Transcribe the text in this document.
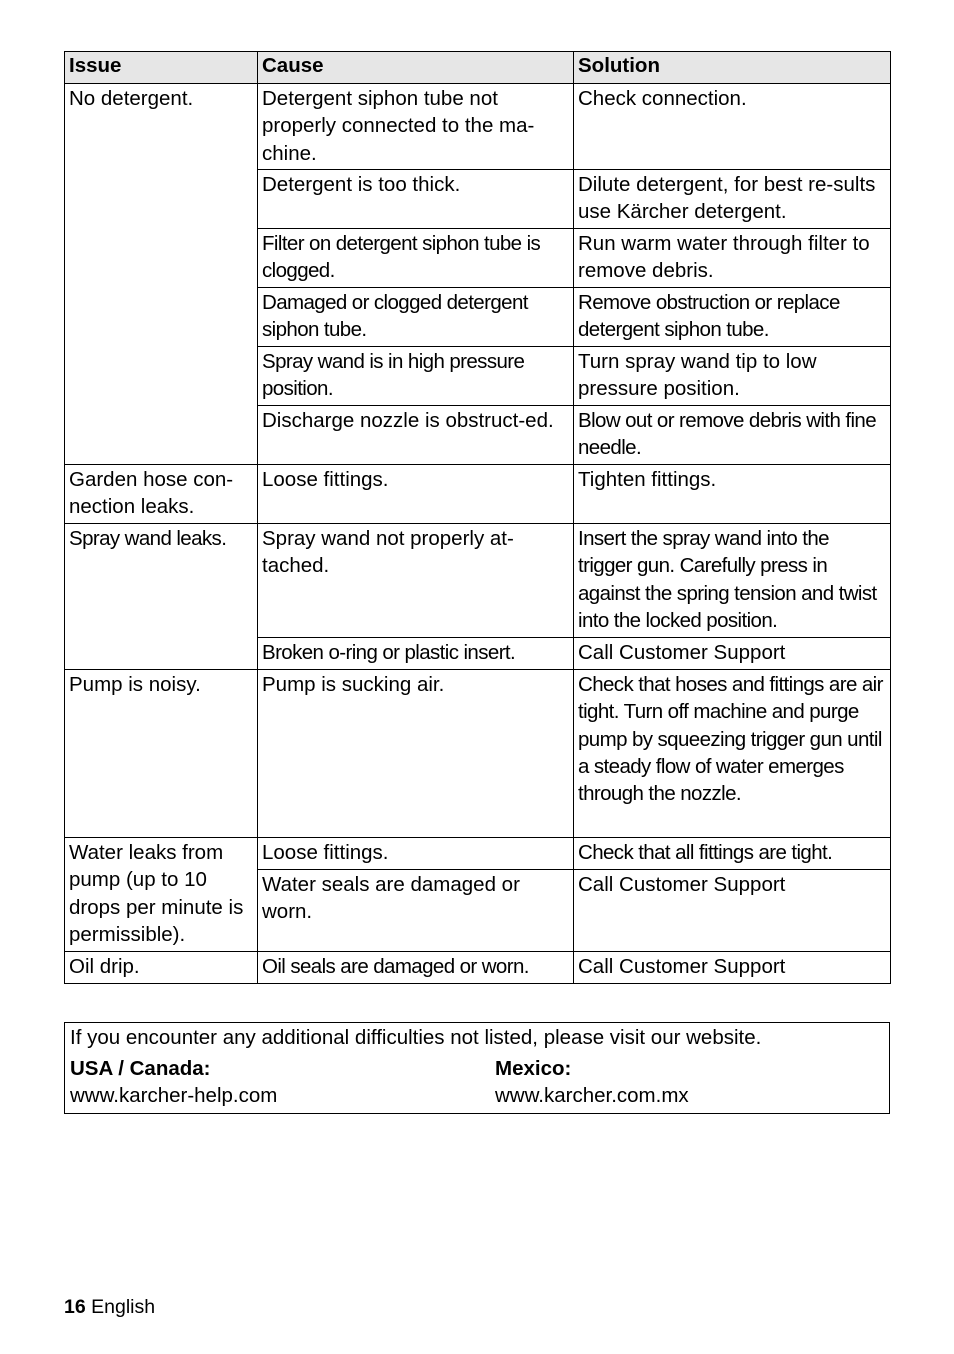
Issue	Cause	Solution
No detergent.	Detergent siphon tube not properly connected to the ma-chine.	Check connection.
	Detergent is too thick.	Dilute detergent, for best re-sults use Kärcher detergent.
	Filter on detergent siphon tube is clogged.	Run warm water through filter to remove debris.
	Damaged or clogged detergent siphon tube.	Remove obstruction or replace detergent siphon tube.
	Spray wand is in high pressure position.	Turn spray wand tip to low pressure position.
	Discharge nozzle is obstruct-ed.	Blow out or remove debris with fine needle.
Garden hose con-nection leaks.	Loose fittings.	Tighten fittings.
Spray wand leaks.	Spray wand not properly at-tached.	Insert the spray wand into the trigger gun. Carefully press in against the spring tension and twist into the locked position.
	Broken o-ring or plastic insert.	Call Customer Support
Pump is noisy.	Pump is sucking air.	Check that hoses and fittings are air tight. Turn off machine and purge pump by squeezing trigger gun until a steady flow of water emerges through the nozzle.
Water leaks from pump (up to 10 drops per minute is permissible).	Loose fittings.	Check that all fittings are tight.
	Water seals are damaged or worn.	Call Customer Support
Oil drip.	Oil seals are damaged or worn.	Call Customer Support
If you encounter any additional difficulties not listed, please visit our website.
USA / Canada:
www.karcher-help.com
Mexico:
www.karcher.com.mx
16 English
